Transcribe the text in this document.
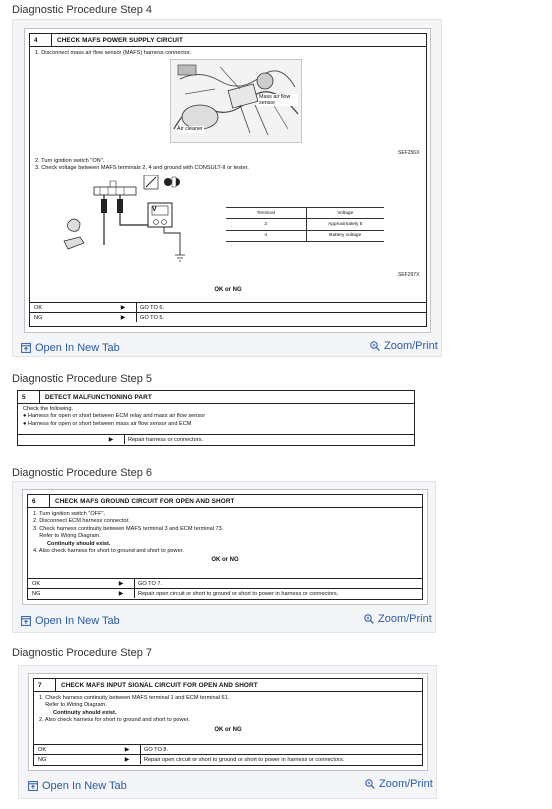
Diagnostic Procedure Step 4
4	CHECK MAFS POWER SUPPLY CIRCUIT
1. Disconnect mass air flow sensor (MAFS) harness connector.
Mass air flow sensor
Air cleaner
SEF256X
2. Turn ignition switch "ON".
3. Check voltage between MAFS terminals 2, 4 and ground with CONSULT-II or tester.
V	Terminal	Voltage
2	Approximately 5
4	Battery voltage
SEF297X
OK or NG
OK	▶	GO TO 6.
NG	▶	GO TO 5.
Open In New Tab	Zoom/Print
Diagnostic Procedure Step 5
5	DETECT MALFUNCTIONING PART
Check the following.
● Harness for open or short between ECM relay and mass air flow sensor
● Harness for open or short between mass air flow sensor and ECM
▶	Repair harness or connectors.
Diagnostic Procedure Step 6
6	CHECK MAFS GROUND CIRCUIT FOR OPEN AND SHORT
1. Turn ignition switch "OFF".
2. Disconnect ECM harness connector.
3. Check harness continuity between MAFS terminal 3 and ECM terminal 73.
Refer to Wiring Diagram.
Continuity should exist.
4. Also check harness for short to ground and short to power.
OK or NG
OK	▶	GO TO 7.
NG	▶	Repair open circuit or short to ground or short to power in harness or connectors.
Open In New Tab	Zoom/Print
Diagnostic Procedure Step 7
7	CHECK MAFS INPUT SIGNAL CIRCUIT FOR OPEN AND SHORT
1. Check harness continuity between MAFS terminal 1 and ECM terminal 61.
Refer to Wiring Diagram.
Continuity should exist.
2. Also check harness for short to ground and short to power.
OK or NG
OK	▶	GO TO 8.
NG	▶	Repair open circuit or short to ground or short to power in harness or connectors.
Open In New Tab	Zoom/Print
